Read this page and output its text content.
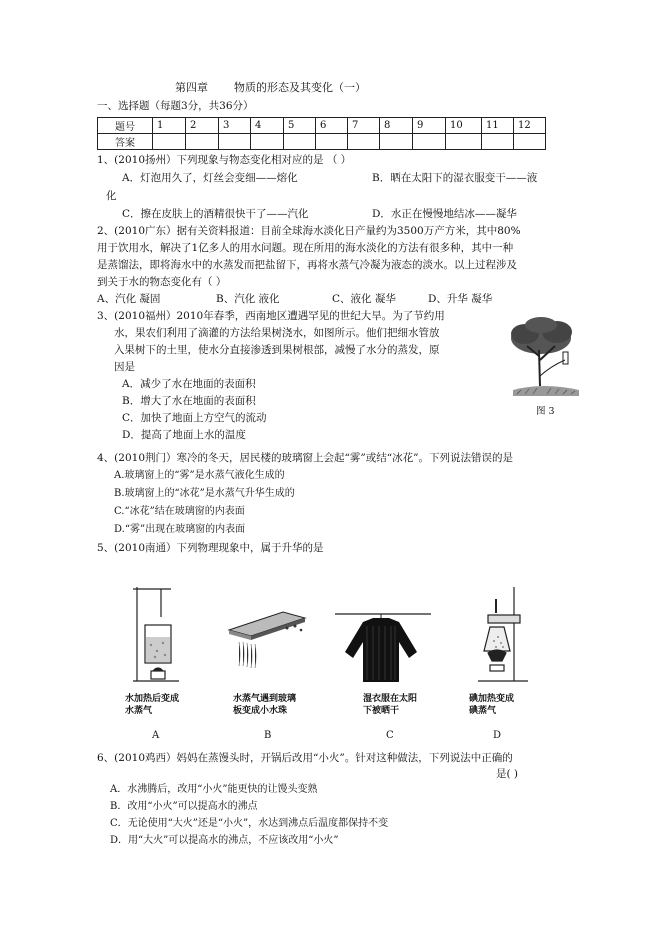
第四章 物质的形态及其变化（一）
一、选择题（每题3分，共36分）
题号	1	2	3	4	5	6	7	8	9	10	11	12
答案												
1、(2010扬州）下列现象与物态变化相对应的是 （ ）
A．灯泡用久了，灯丝会变细——熔化	B．晒在太阳下的湿衣服变干——液
化
C．擦在皮肤上的酒精很快干了——汽化	D．水正在慢慢地结冰——凝华
2、(2010广东）据有关资料报道：目前全球海水淡化日产量约为3500万产方米，其中80%
用于饮用水，解决了1亿多人的用水问题。现在所用的海水淡化的方法有很多种，其中一种
是蒸馏法，即将海水中的水蒸发而把盐留下，再将水蒸气冷凝为液态的淡水。以上过程涉及
到关于水的物态变化有（ ）
A、汽化 凝固	B、汽化 液化	C、液化 凝华	D、升华 凝华
3、(2010福州）2010年春季，西南地区遭遇罕见的世纪大旱。为了节约用
水，果农们利用了滴灌的方法给果树浇水，如图所示。他们把细水管放
入果树下的土里，使水分直接渗透到果树根部，减慢了水分的蒸发，原
因是
A．减少了水在地面的表面积
B．增大了水在地面的表面积
C．加快了地面上方空气的流动
D．提高了地面上水的温度
图 3
4、(2010荆门）寒冷的冬天，居民楼的玻璃窗上会起“雾”或结“冰花”。下列说法错误的是
A.玻璃窗上的“雾”是水蒸气液化生成的
B.玻璃窗上的“冰花”是水蒸气升华生成的
C.“冰花”结在玻璃窗的内表面
D.“雾”出现在玻璃窗的内表面
5、(2010南通）下列物理现象中，属于升华的是
水加热后变成
水蒸气
水蒸气遇到玻璃
板变成小水珠
湿衣服在太阳
下被晒干
碘加热变成
碘蒸气
A	B	C	D
6、(2010鸡西）妈妈在蒸馒头时，开锅后改用“小火”。针对这种做法，下列说法中正确的
是( )
A．水沸腾后，改用“小火”能更快的让馒头变熟
B．改用“小火”可以提高水的沸点
C．无论使用“大火”还是“小火”，水达到沸点后温度都保持不变
D．用“大火”可以提高水的沸点，不应该改用“小火”
